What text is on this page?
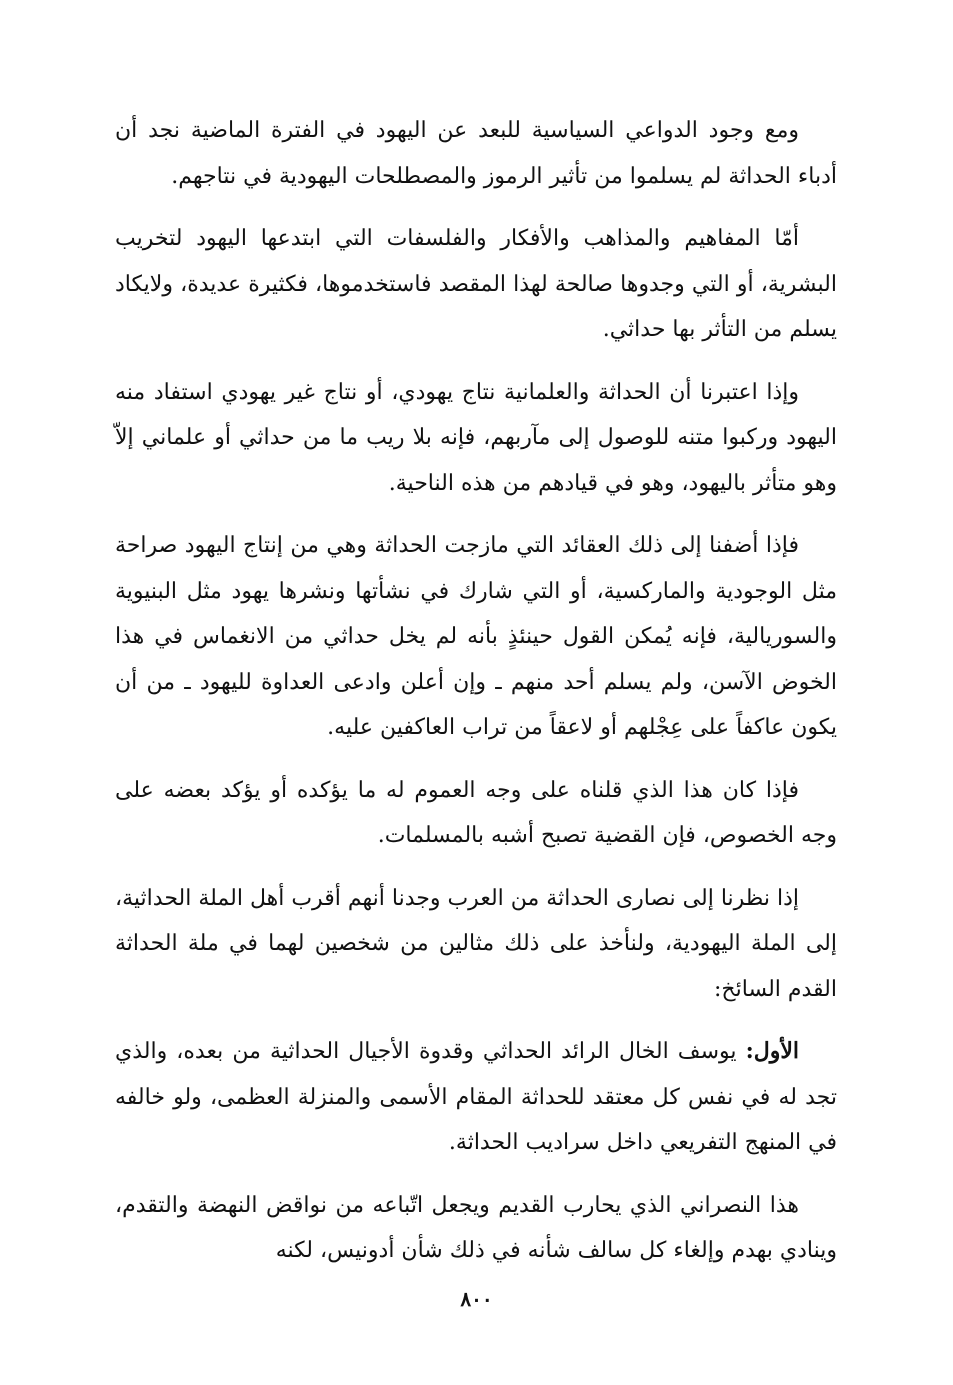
ومع وجود الدواعي السياسية للبعد عن اليهود في الفترة الماضية نجد أن أدباء الحداثة لم يسلموا من تأثير الرموز والمصطلحات اليهودية في نتاجهم.

أمّا المفاهيم والمذاهب والأفكار والفلسفات التي ابتدعها اليهود لتخريب البشرية، أو التي وجدوها صالحة لهذا المقصد فاستخدموها، فكثيرة عديدة، ولايكاد يسلم من التأثر بها حداثي.

وإذا اعتبرنا أن الحداثة والعلمانية نتاج يهودي، أو نتاج غير يهودي استفاد منه اليهود وركبوا متنه للوصول إلى مآربهم، فإنه بلا ريب ما من حداثي أو علماني إلاّ وهو متأثر باليهود، وهو في قيادهم من هذه الناحية.

فإذا أضفنا إلى ذلك العقائد التي مازجت الحداثة وهي من إنتاج اليهود صراحة مثل الوجودية والماركسية، أو التي شارك في نشأتها ونشرها يهود مثل البنيوية والسوريالية، فإنه يُمكن القول حينئذٍ بأنه لم يخل حداثي من الانغماس في هذا الخوض الآسن، ولم يسلم أحد منهم ـ وإن أعلن وادعى العداوة لليهود ـ من أن يكون عاكفاً على عِجْلهم أو لاعقاً من تراب العاكفين عليه.

فإذا كان هذا الذي قلناه على وجه العموم له ما يؤكده أو يؤكد بعضه على وجه الخصوص، فإن القضية تصبح أشبه بالمسلمات.

إذا نظرنا إلى نصارى الحداثة من العرب وجدنا أنهم أقرب أهل الملة الحداثية، إلى الملة اليهودية، ولنأخذ على ذلك مثالين من شخصين لهما في ملة الحداثة القدم السائخ:

الأول: يوسف الخال الرائد الحداثي وقدوة الأجيال الحداثية من بعده، والذي تجد له في نفس كل معتقد للحداثة المقام الأسمى والمنزلة العظمى، ولو خالفه في المنهج التفريعي داخل سراديب الحداثة.

هذا النصراني الذي يحارب القديم ويجعل اتّباعه من نواقض النهضة والتقدم، وينادي بهدم وإلغاء كل سالف شأنه في ذلك شأن أدونيس، لكنه

٨٠٠
